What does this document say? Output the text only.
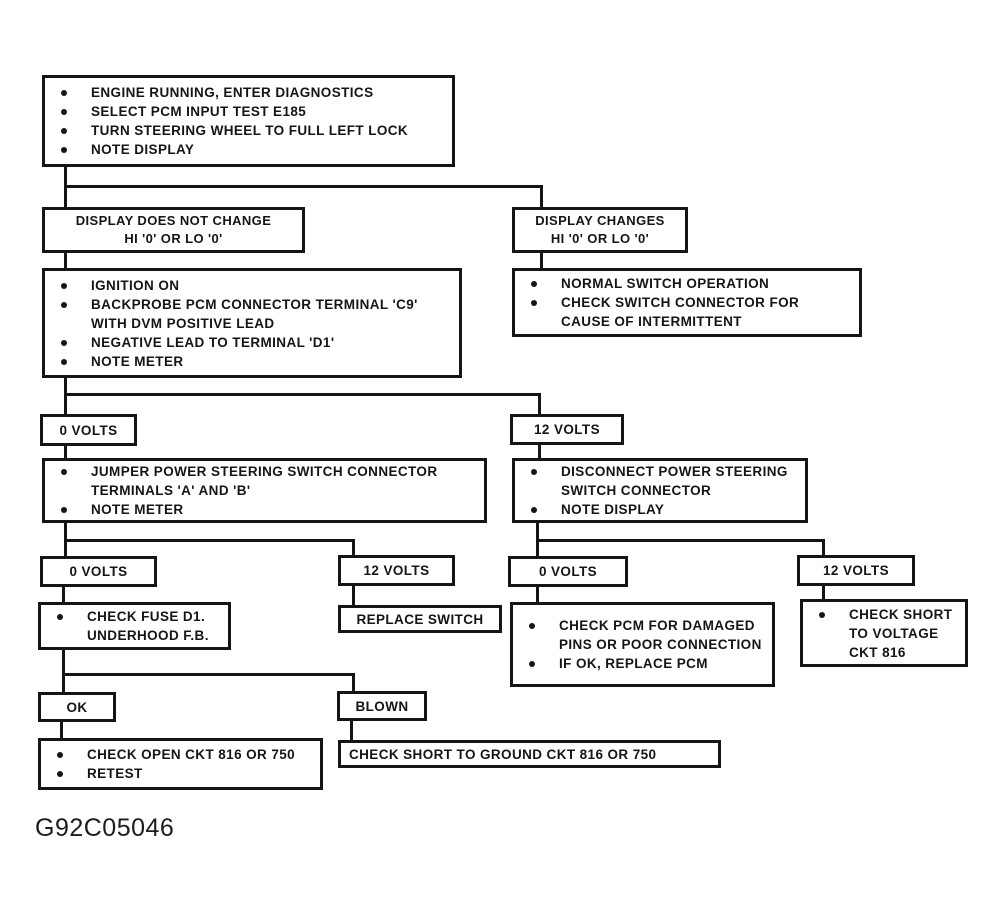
ENGINE RUNNING, ENTER DIAGNOSTICS
SELECT PCM INPUT TEST E185
TURN STEERING WHEEL TO FULL LEFT LOCK
NOTE DISPLAY
DISPLAY DOES NOT CHANGE
HI '0' OR LO '0'
DISPLAY CHANGES
HI '0' OR LO '0'
IGNITION ON
BACKPROBE PCM CONNECTOR TERMINAL 'C9' WITH DVM POSITIVE LEAD
NEGATIVE LEAD TO TERMINAL 'D1'
NOTE METER
NORMAL SWITCH OPERATION
CHECK SWITCH CONNECTOR FOR CAUSE OF INTERMITTENT
0 VOLTS	12 VOLTS
JUMPER POWER STEERING SWITCH CONNECTOR TERMINALS 'A' AND 'B'
NOTE METER
DISCONNECT POWER STEERING SWITCH CONNECTOR
NOTE DISPLAY
0 VOLTS	12 VOLTS	0 VOLTS	12 VOLTS
CHECK FUSE D1. UNDERHOOD F.B.
REPLACE SWITCH	CHECK PCM FOR DAMAGED PINS OR POOR CONNECTION
IF OK, REPLACE PCM
CHECK SHORT TO VOLTAGE CKT 816
OK	BLOWN
CHECK OPEN CKT 816 OR 750
RETEST
CHECK SHORT TO GROUND CKT 816 OR 750
G92C05046
